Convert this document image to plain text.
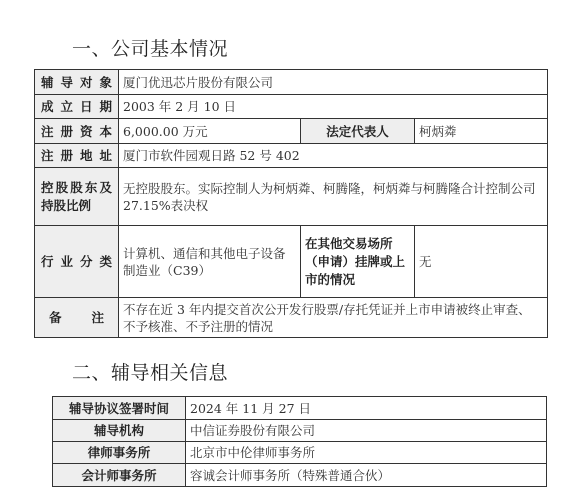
一、公司基本情况
辅导对象	厦门优迅芯片股份有限公司		
成立日期	2003 年 2 月 10 日		
注册资本	6,000.00 万元	法定代表人	柯炳粦
注册地址	厦门市软件园观日路 52 号 402		
控股股东及持股比例	无控股股东。实际控制人为柯炳粦、柯腾隆，柯炳粦与柯腾隆合计控制公司 27.15%表决权		
行业分类	计算机、通信和其他电子设备制造业（C39）	在其他交易场所（申请）挂牌或上市的情况	无

备 注	不存在近 3 年内提交首次公开发行股票/存托凭证并上市申请被终止审查、不予核准、不予注册的情况		
二、辅导相关信息
辅导协议签署时间	2024 年 11 月 27 日
辅导机构	中信证券股份有限公司
律师事务所	北京市中伦律师事务所
会计师事务所	容诚会计师事务所（特殊普通合伙）
